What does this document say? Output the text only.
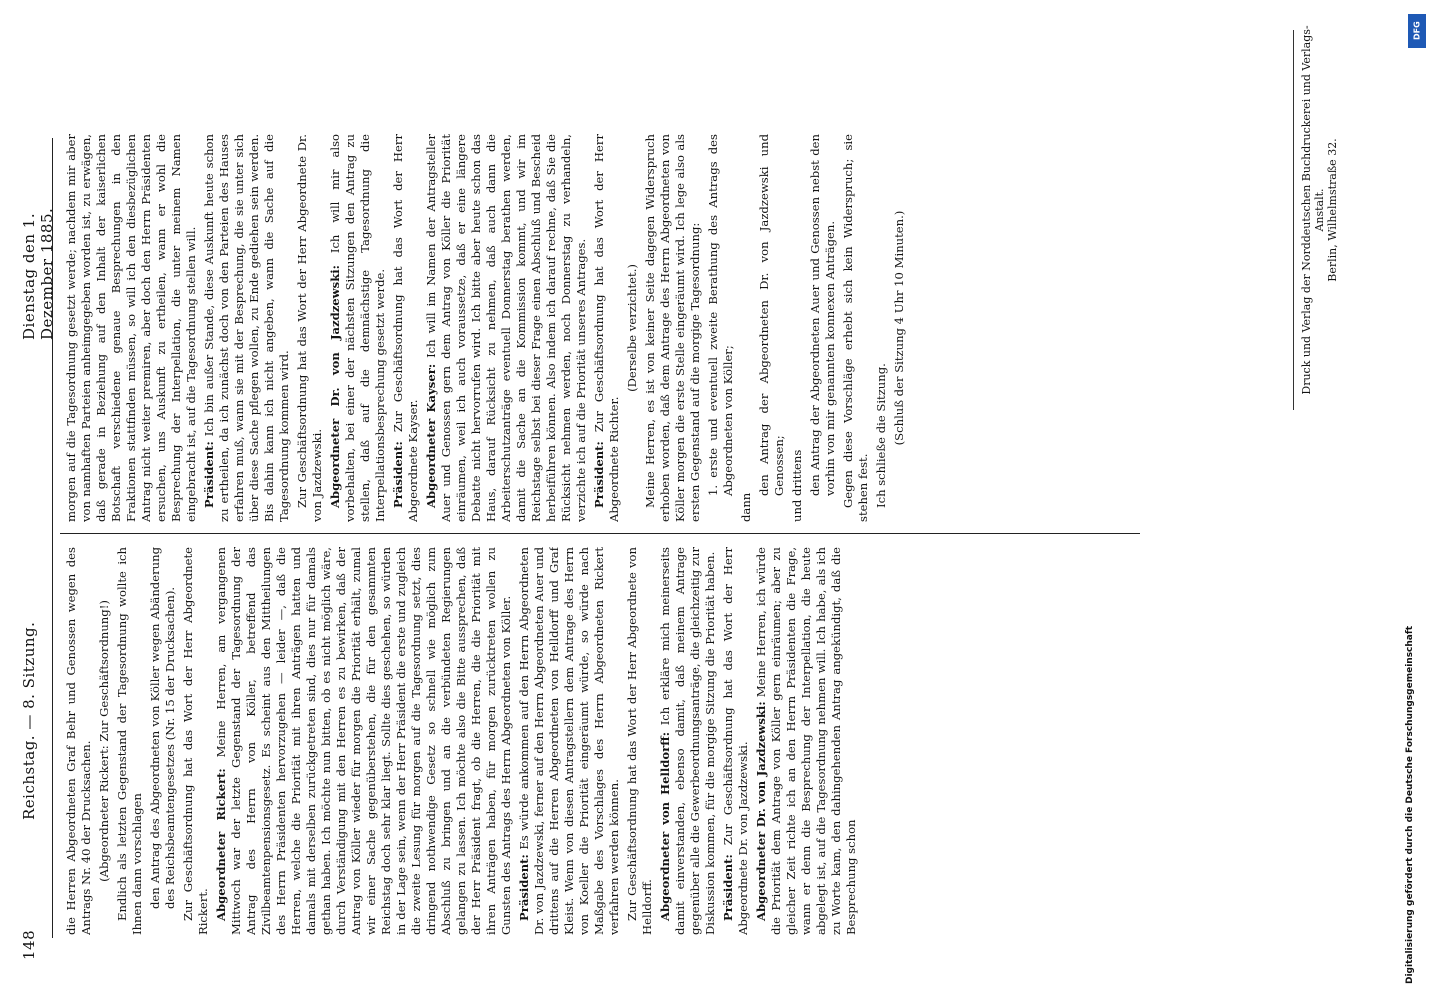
148
Reichstag. — 8. Sitzung.
Dienstag den 1. Dezember 1885.
die Herren Abgeordneten Graf Behr und Genossen wegen des Antrags Nr. 40 der Drucksachen. (Abgeordneter Rickert: Zur Geschäftsordnung!) Endlich als letzten Gegenstand der Tagesordnung wollte ich Ihnen dann vorschlagen den Antrag des Abgeordneten von Köller wegen Abänderung des Reichsbeamtengesetzes (Nr. 15 der Drucksachen). Zur Geschäftsordnung hat das Wort der Herr Abgeordnete Rickert. Abgeordneter Rickert: Meine Herren, am vergangenen Mittwoch war der letzte Gegenstand der Tagesordnung der Antrag des Herrn von Köller, betreffend das Zivilbeamtenpensionsgesetz. Es scheint aus den Mittheilungen des Herrn Präsidenten hervorzugehen — leider —, daß die Herren, welche die Priorität mit ihren Anträgen hatten und damals mit derselben zurückgetreten sind, dies nur für damals gethan haben. Ich möchte nun bitten, ob es nicht möglich wäre, durch Verständigung mit den Herren es zu bewirken, daß der Antrag von Köller wieder für morgen die Priorität erhält, zumal wir einer Sache gegenüberstehen, die für den gesammten Reichstag doch sehr klar liegt. Sollte dies geschehen, so würden in der Lage sein, wenn der Herr Präsident die erste und zugleich die zweite Lesung für morgen auf die Tagesordnung setzt, dies dringend nothwendige Gesetz so schnell wie möglich zum Abschluß zu bringen und an die verbündeten Regierungen gelangen zu lassen. Ich möchte also die Bitte aussprechen, daß der Herr Präsident fragt, ob die Herren, die die Priorität mit ihren Anträgen haben, für morgen zurücktreten wollen zu Gunsten des Antrags des Herrn Abgeordneten von Köller. Präsident: Es würde ankommen auf den Herrn Abgeordneten Dr. von Jazdzewski, ferner auf den Herrn Abgeordneten Auer und drittens auf die Herren Abgeordneten von Helldorff und Graf Kleist. Wenn von diesen Antragstellern dem Antrage des Herrn von Koeller die Priorität eingeräumt würde, so würde nach Maßgabe des Vorschlages des Herrn Abgeordneten Rickert verfahren werden können. Zur Geschäftsordnung hat das Wort der Herr Abgeordnete von Helldorff. Abgeordneter von Helldorff: Ich erkläre mich meinerseits damit einverstanden, ebenso damit, daß meinem Antrage gegenüber alle die Gewerbeordnungsanträge, die gleichzeitig zur Diskussion kommen, für die morgige Sitzung die Priorität haben. Präsident: Zur Geschäftsordnung hat das Wort der Herr Abgeordnete Dr. von Jazdzewski. Abgeordneter Dr. von Jazdzewski: Meine Herren, ich würde die Priorität dem Antrage von Köller gern einräumen; aber zu gleicher Zeit richte ich an den Herrn Präsidenten die Frage, wann er denn die Besprechung der Interpellation, die heute abgelegt ist, auf die Tagesordnung nehmen will. Ich habe, als ich zu Worte kam, den dahingehenden Antrag angekündigt, daß die Besprechung schon
morgen auf die Tagesordnung gesetzt werde; nachdem mir aber von namhaften Parteien anheimgegeben worden ist, zu erwägen, daß gerade in Beziehung auf den Inhalt der kaiserlichen Botschaft verschiedene genaue Besprechungen in den Fraktionen stattfinden müssen, so will ich den diesbezüglichen Antrag nicht weiter premiren, aber doch den Herrn Präsidenten ersuchen, uns Auskunft zu ertheilen, wann er wohl die Besprechung der Interpellation, die unter meinem Namen eingebracht ist, auf die Tagesordnung stellen will. Präsident: Ich bin außer Stande, diese Auskunft heute schon zu ertheilen, da ich zunächst doch von den Parteien des Hauses erfahren muß, wann sie mit der Besprechung, die sie unter sich über diese Sache pflegen wollen, zu Ende gediehen sein werden. Bis dahin kann ich nicht angeben, wann die Sache auf die Tagesordnung kommen wird. Zur Geschäftsordnung hat das Wort der Herr Abgeordnete Dr. von Jazdzewski. Abgeordneter Dr. von Jazdzewski: Ich will mir also vorbehalten, bei einer der nächsten Sitzungen den Antrag zu stellen, daß auf die demnächstige Tagesordnung die Interpellationsbesprechung gesetzt werde. Präsident: Zur Geschäftsordnung hat das Wort der Herr Abgeordnete Kayser. Abgeordneter Kayser: Ich will im Namen der Antragsteller Auer und Genossen gern dem Antrag von Köller die Priorität einräumen, weil ich auch voraussetze, daß er eine längere Debatte nicht hervorrufen wird. Ich bitte aber heute schon das Haus, darauf Rücksicht zu nehmen, daß auch dann die Arbeiterschutzanträge eventuell Donnerstag berathen werden, damit die Sache an die Kommission kommt, und wir im Reichstage selbst bei dieser Frage einen Abschluß und Bescheid herbeiführen können. Also indem ich darauf rechne, daß Sie die Rücksicht nehmen werden, noch Donnerstag zu verhandeln, verzichte ich auf die Priorität unseres Antrages. Präsident: Zur Geschäftsordnung hat das Wort der Herr Abgeordnete Richter.
(Derselbe verzichtet.) Meine Herren, es ist von keiner Seite dagegen Widerspruch erhoben worden, daß dem Antrage des Herrn Abgeordneten von Köller morgen die erste Stelle eingeräumt wird. Ich lege also als ersten Gegenstand auf die morgige Tagesordnung: 1. erste und eventuell zweite Berathung des Antrags des Abgeordneten von Köller;
dann
den Antrag der Abgeordneten Dr. von Jazdzewski und Genossen; und drittens den Antrag der Abgeordneten Auer und Genossen nebst den vorhin von mir genannten konnexen Anträgen. Gegen diese Vorschläge erhebt sich kein Widerspruch; sie stehen fest. Ich schließe die Sitzung. (Schluß der Sitzung 4 Uhr 10 Minuten.)	Druck und Verlag der Norddeutschen Buchdruckerei und Verlags-Anstalt. Berlin, Wilhelmstraße 32.
DFG
Digitalisierung gefördert durch die Deutsche Forschungsgemeinschaft
